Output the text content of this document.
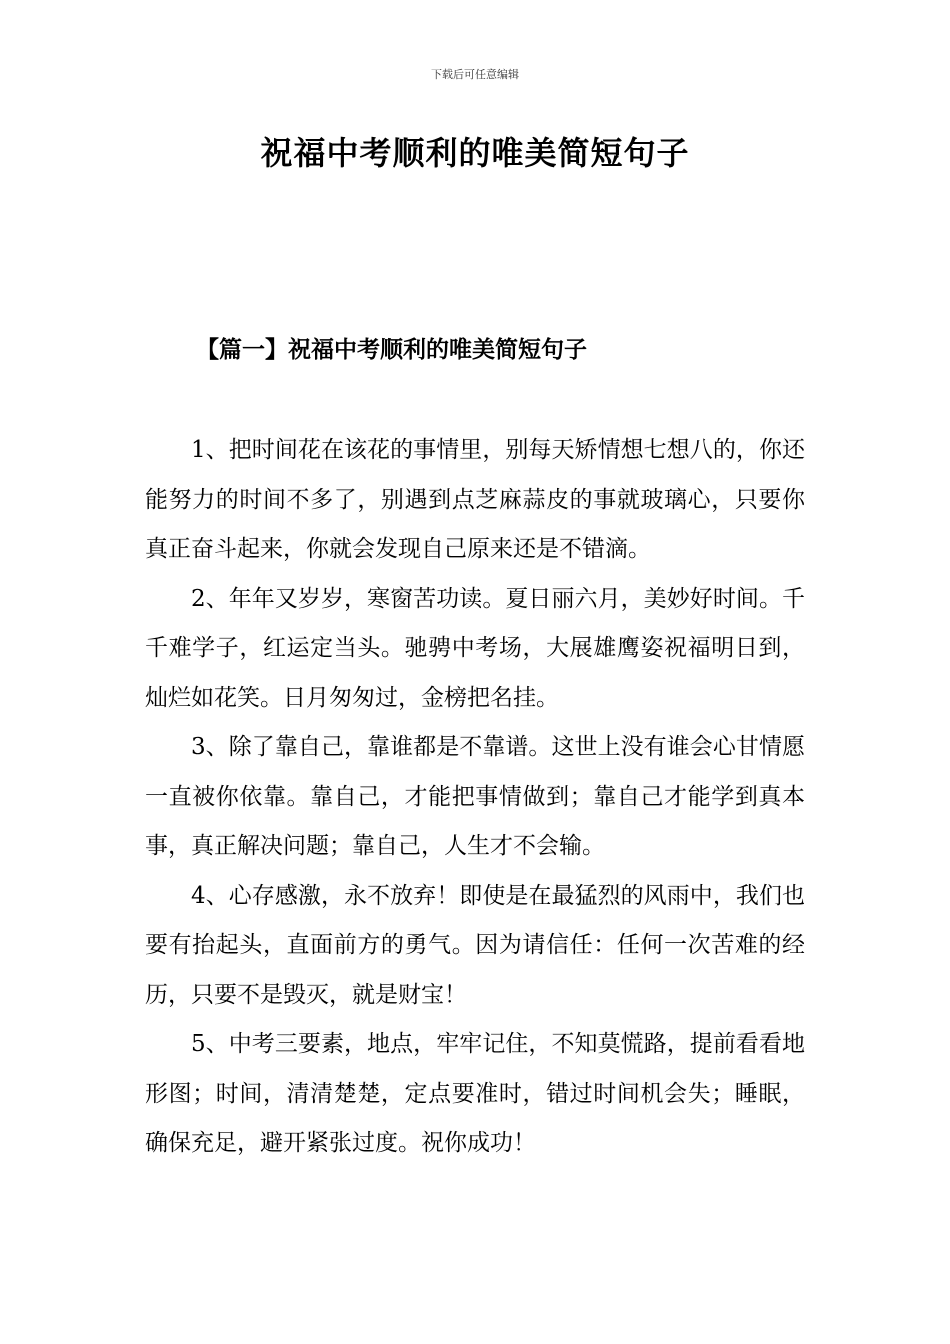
下载后可任意编辑
祝福中考顺利的唯美简短句子
【篇一】祝福中考顺利的唯美简短句子

1、把时间花在该花的事情里，别每天矫情想七想八的，你还能努力的时间不多了，别遇到点芝麻蒜皮的事就玻璃心，只要你真正奋斗起来，你就会发现自己原来还是不错滴。

2、年年又岁岁，寒窗苦功读。夏日丽六月，美妙好时间。千千难学子，红运定当头。驰骋中考场，大展雄鹰姿祝福明日到，灿烂如花笑。日月匆匆过，金榜把名挂。

3、除了靠自己，靠谁都是不靠谱。这世上没有谁会心甘情愿一直被你依靠。靠自己，才能把事情做到；靠自己才能学到真本事，真正解决问题；靠自己，人生才不会输。

4、心存感激，永不放弃！即使是在最猛烈的风雨中，我们也要有抬起头，直面前方的勇气。因为请信任：任何一次苦难的经历，只要不是毁灭，就是财宝！

5、中考三要素，地点，牢牢记住，不知莫慌路，提前看看地形图；时间，清清楚楚，定点要准时，错过时间机会失；睡眠，确保充足，避开紧张过度。祝你成功！
